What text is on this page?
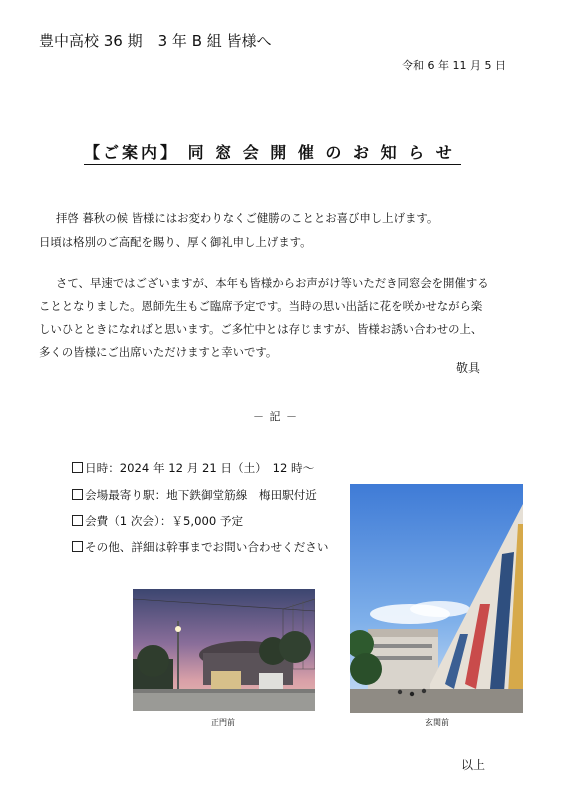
豊中高校 36 期　3 年 B 組 皆様へ
令和 6 年 11 月 5 日
【ご案内】 同 窓 会 開 催 の お 知 ら せ
拝啓 暮秋の候 皆様にはお変わりなくご健勝のこととお喜び申し上げます。
日頃は格別のご高配を賜り、厚く御礼申し上げます。
さて、早速ではございますが、本年も皆様からお声がけ等いただき同窓会を開催する
こととなりました。恩師先生もご臨席予定です。当時の思い出話に花を咲かせながら楽
しいひとときになればと思います。ご多忙中とは存じますが、皆様お誘い合わせの上、
多くの皆様にご出席いただけますと幸いです。
敬具
－ 記 －
日時：2024 年 12 月 21 日（土）　12 時～
会場最寄り駅：地下鉄御堂筋線　梅田駅付近
会費（1 次会）：￥5,000 予定
その他、詳細は幹事までお問い合わせください
正門前	玄関前
以上
